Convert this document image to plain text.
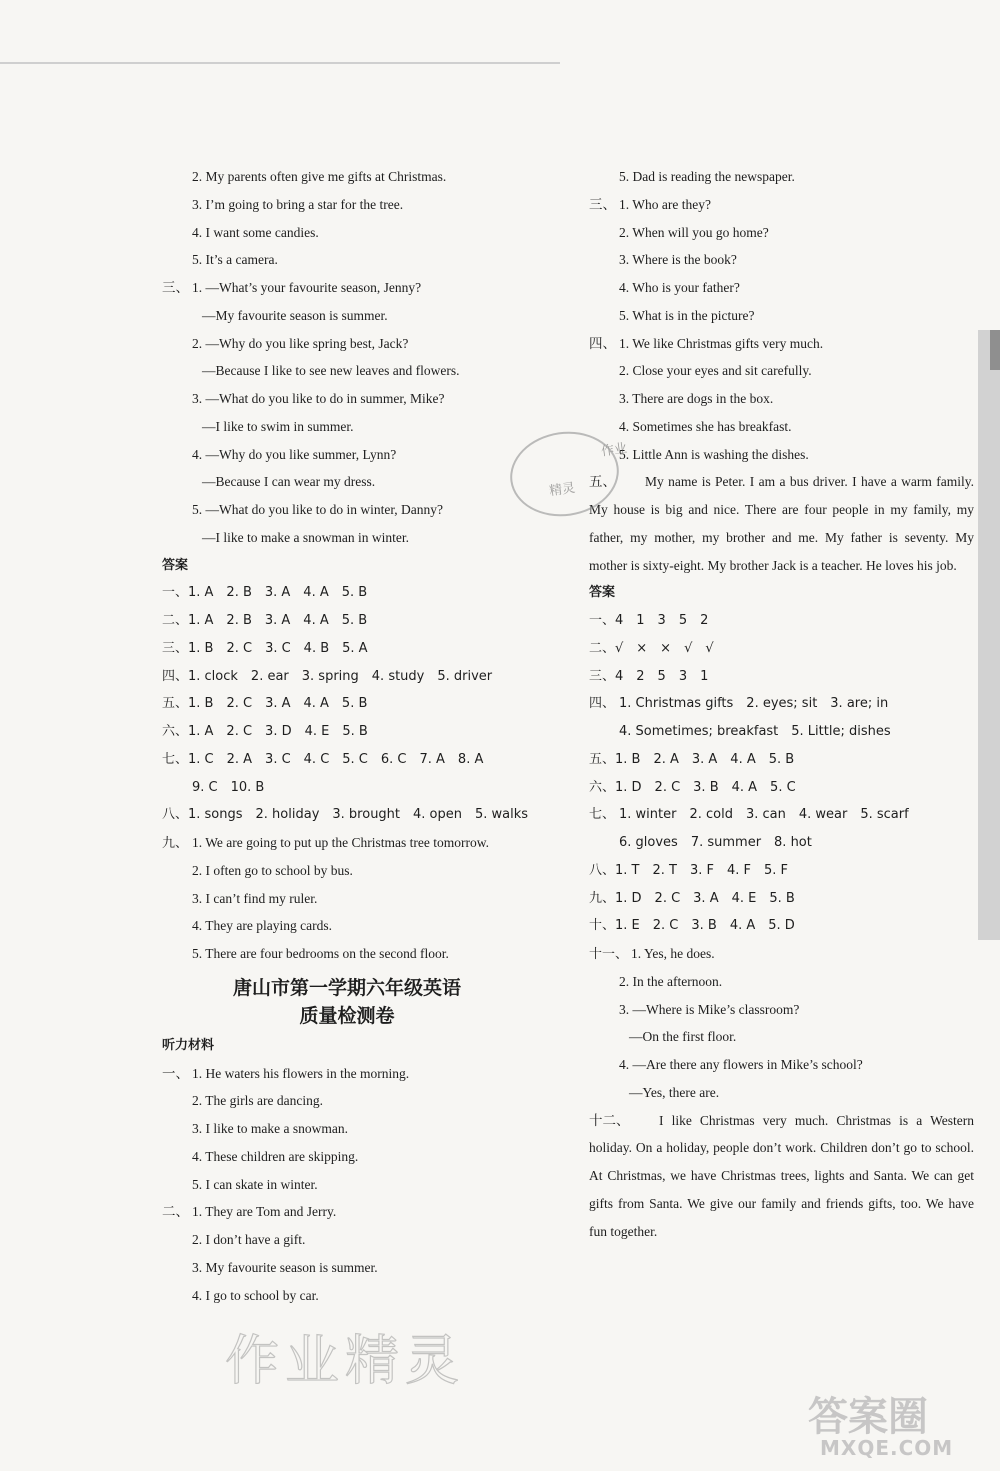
2. My parents often give me gifts at Christmas.
3. I’m going to bring a star for the tree.
4. I want some candies.
5. It’s a camera.
三、 1. —What’s your favourite season, Jenny?
—My favourite season is summer.
2. —Why do you like spring best, Jack?
—Because I like to see new leaves and flowers.
3. —What do you like to do in summer, Mike?
—I like to swim in summer.
4. —Why do you like summer, Lynn?
—Because I can wear my dress.
5. —What do you like to do in winter, Danny?
—I like to make a snowman in winter.
答案
一、1. A　2. B　3. A　4. A　5. B
二、1. A　2. B　3. A　4. A　5. B
三、1. B　2. C　3. C　4. B　5. A
四、1. clock　2. ear　3. spring　4. study　5. driver
五、1. B　2. C　3. A　4. A　5. B
六、1. A　2. C　3. D　4. E　5. B
七、1. C　2. A　3. C　4. C　5. C　6. C　7. A　8. A
9. C　10. B
八、1. songs　2. holiday　3. brought　4. open　5. walks
九、 1. We are going to put up the Christmas tree tomorrow.
2. I often go to school by bus.
3. I can’t find my ruler.
4. They are playing cards.
5. There are four bedrooms on the second floor.
唐山市第一学期六年级英语
质量检测卷
听力材料
一、 1. He waters his flowers in the morning.
2. The girls are dancing.
3. I like to make a snowman.
4. These children are skipping.
5. I can skate in winter.
二、 1. They are Tom and Jerry.
2. I don’t have a gift.
3. My favourite season is summer.
4. I go to school by car.
5. Dad is reading the newspaper.
三、 1. Who are they?
2. When will you go home?
3. Where is the book?
4. Who is your father?
5. What is in the picture?
四、 1. We like Christmas gifts very much.
2. Close your eyes and sit carefully.
3. There are dogs in the box.
4. Sometimes she has breakfast.
5. Little Ann is washing the dishes.
五、 My name is Peter. I am a bus driver. I have a warm family. My house is big and nice. There are four people in my family, my father, my mother, my brother and me. My father is seventy. My mother is sixty-eight. My brother Jack is a teacher. He loves his job.
答案
一、4　1　3　5　2
二、√　×　×　√　√
三、4　2　5　3　1
四、 1. Christmas gifts　2. eyes; sit　3. are; in
4. Sometimes; breakfast　5. Little; dishes
五、1. B　2. A　3. A　4. A　5. B
六、1. D　2. C　3. B　4. A　5. C
七、 1. winter　2. cold　3. can　4. wear　5. scarf
6. gloves　7. summer　8. hot
八、1. T　2. T　3. F　4. F　5. F
九、1. D　2. C　3. A　4. E　5. B
十、1. E　2. C　3. B　4. A　5. D
十一、 1. Yes, he does.
2. In the afternoon.
3. —Where is Mike’s classroom?
—On the first floor.
4. —Are there any flowers in Mike’s school?
—Yes, there are.
十二、 I like Christmas very much. Christmas is a Western holiday. On a holiday, people don’t work. Children don’t go to school. At Christmas, we have Christmas trees, lights and Santa. We can get gifts from Santa. We give our family and friends gifts, too. We have fun together.
作业
精灵
作业精灵
答案圈
MXQE.COM
